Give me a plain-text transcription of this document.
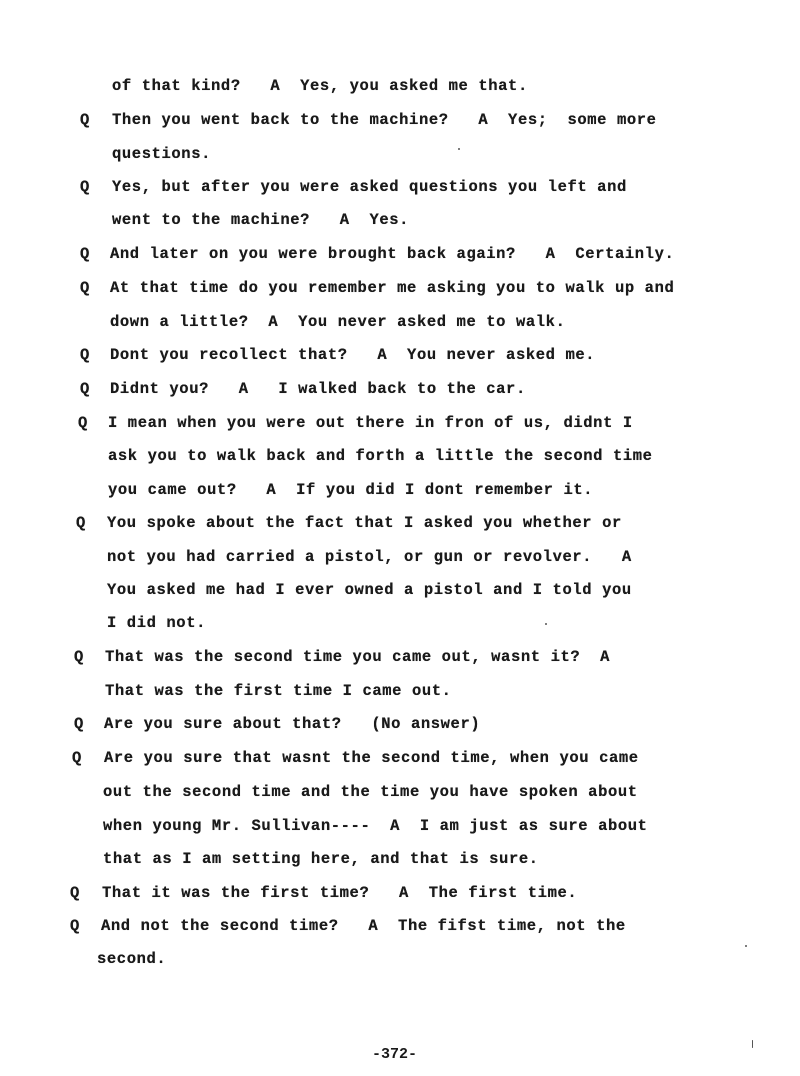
of that kind?   A  Yes, you asked me that.
Q Then you went back to the machine?   A  Yes;  some more
questions.
Q Yes, but after you were asked questions you left and
went to the machine?   A  Yes.
Q And later on you were brought back again?   A  Certainly.
Q At that time do you remember me asking you to walk up and
down a little?  A  You never asked me to walk.
Q Dont you recollect that?   A  You never asked me.
Q Didnt you?   A   I walked back to the car.
Q I mean when you were out there in fron of us, didnt I
ask you to walk back and forth a little the second time
you came out?   A  If you did I dont remember it.
Q You spoke about the fact that I asked you whether or
not you had carried a pistol, or gun or revolver.   A
You asked me had I ever owned a pistol and I told you
I did not.
Q That was the second time you came out, wasnt it?  A
That was the first time I came out.
Q Are you sure about that?   (No answer)
Q Are you sure that wasnt the second time, when you came
out the second time and the time you have spoken about
when young Mr. Sullivan----  A  I am just as sure about
that as I am setting here, and that is sure.
Q That it was the first time?   A  The first time.
Q And not the second time?   A  The fifst time, not the
second.
-372-
